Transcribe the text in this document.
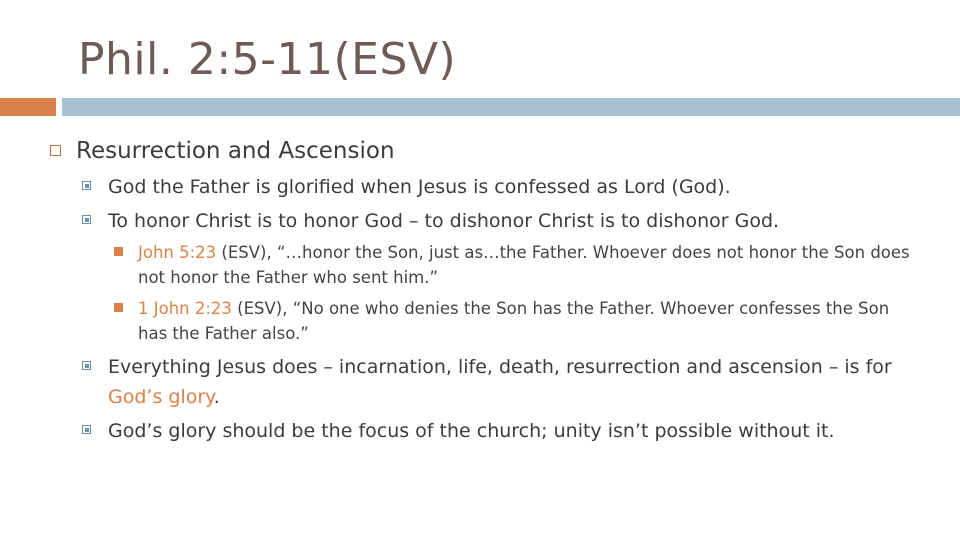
Phil. 2:5-11(ESV)
Resurrection and Ascension
God the Father is glorified when Jesus is confessed as Lord (God).
To honor Christ is to honor God – to dishonor Christ is to dishonor God.
John 5:23 (ESV), “…honor the Son, just as…the Father. Whoever does not honor the Son does not honor the Father who sent him.”
1 John 2:23 (ESV), “No one who denies the Son has the Father. Whoever confesses the Son has the Father also.”
Everything Jesus does – incarnation, life, death, resurrection and ascension – is for God’s glory.
God’s glory should be the focus of the church; unity isn’t possible without it.
